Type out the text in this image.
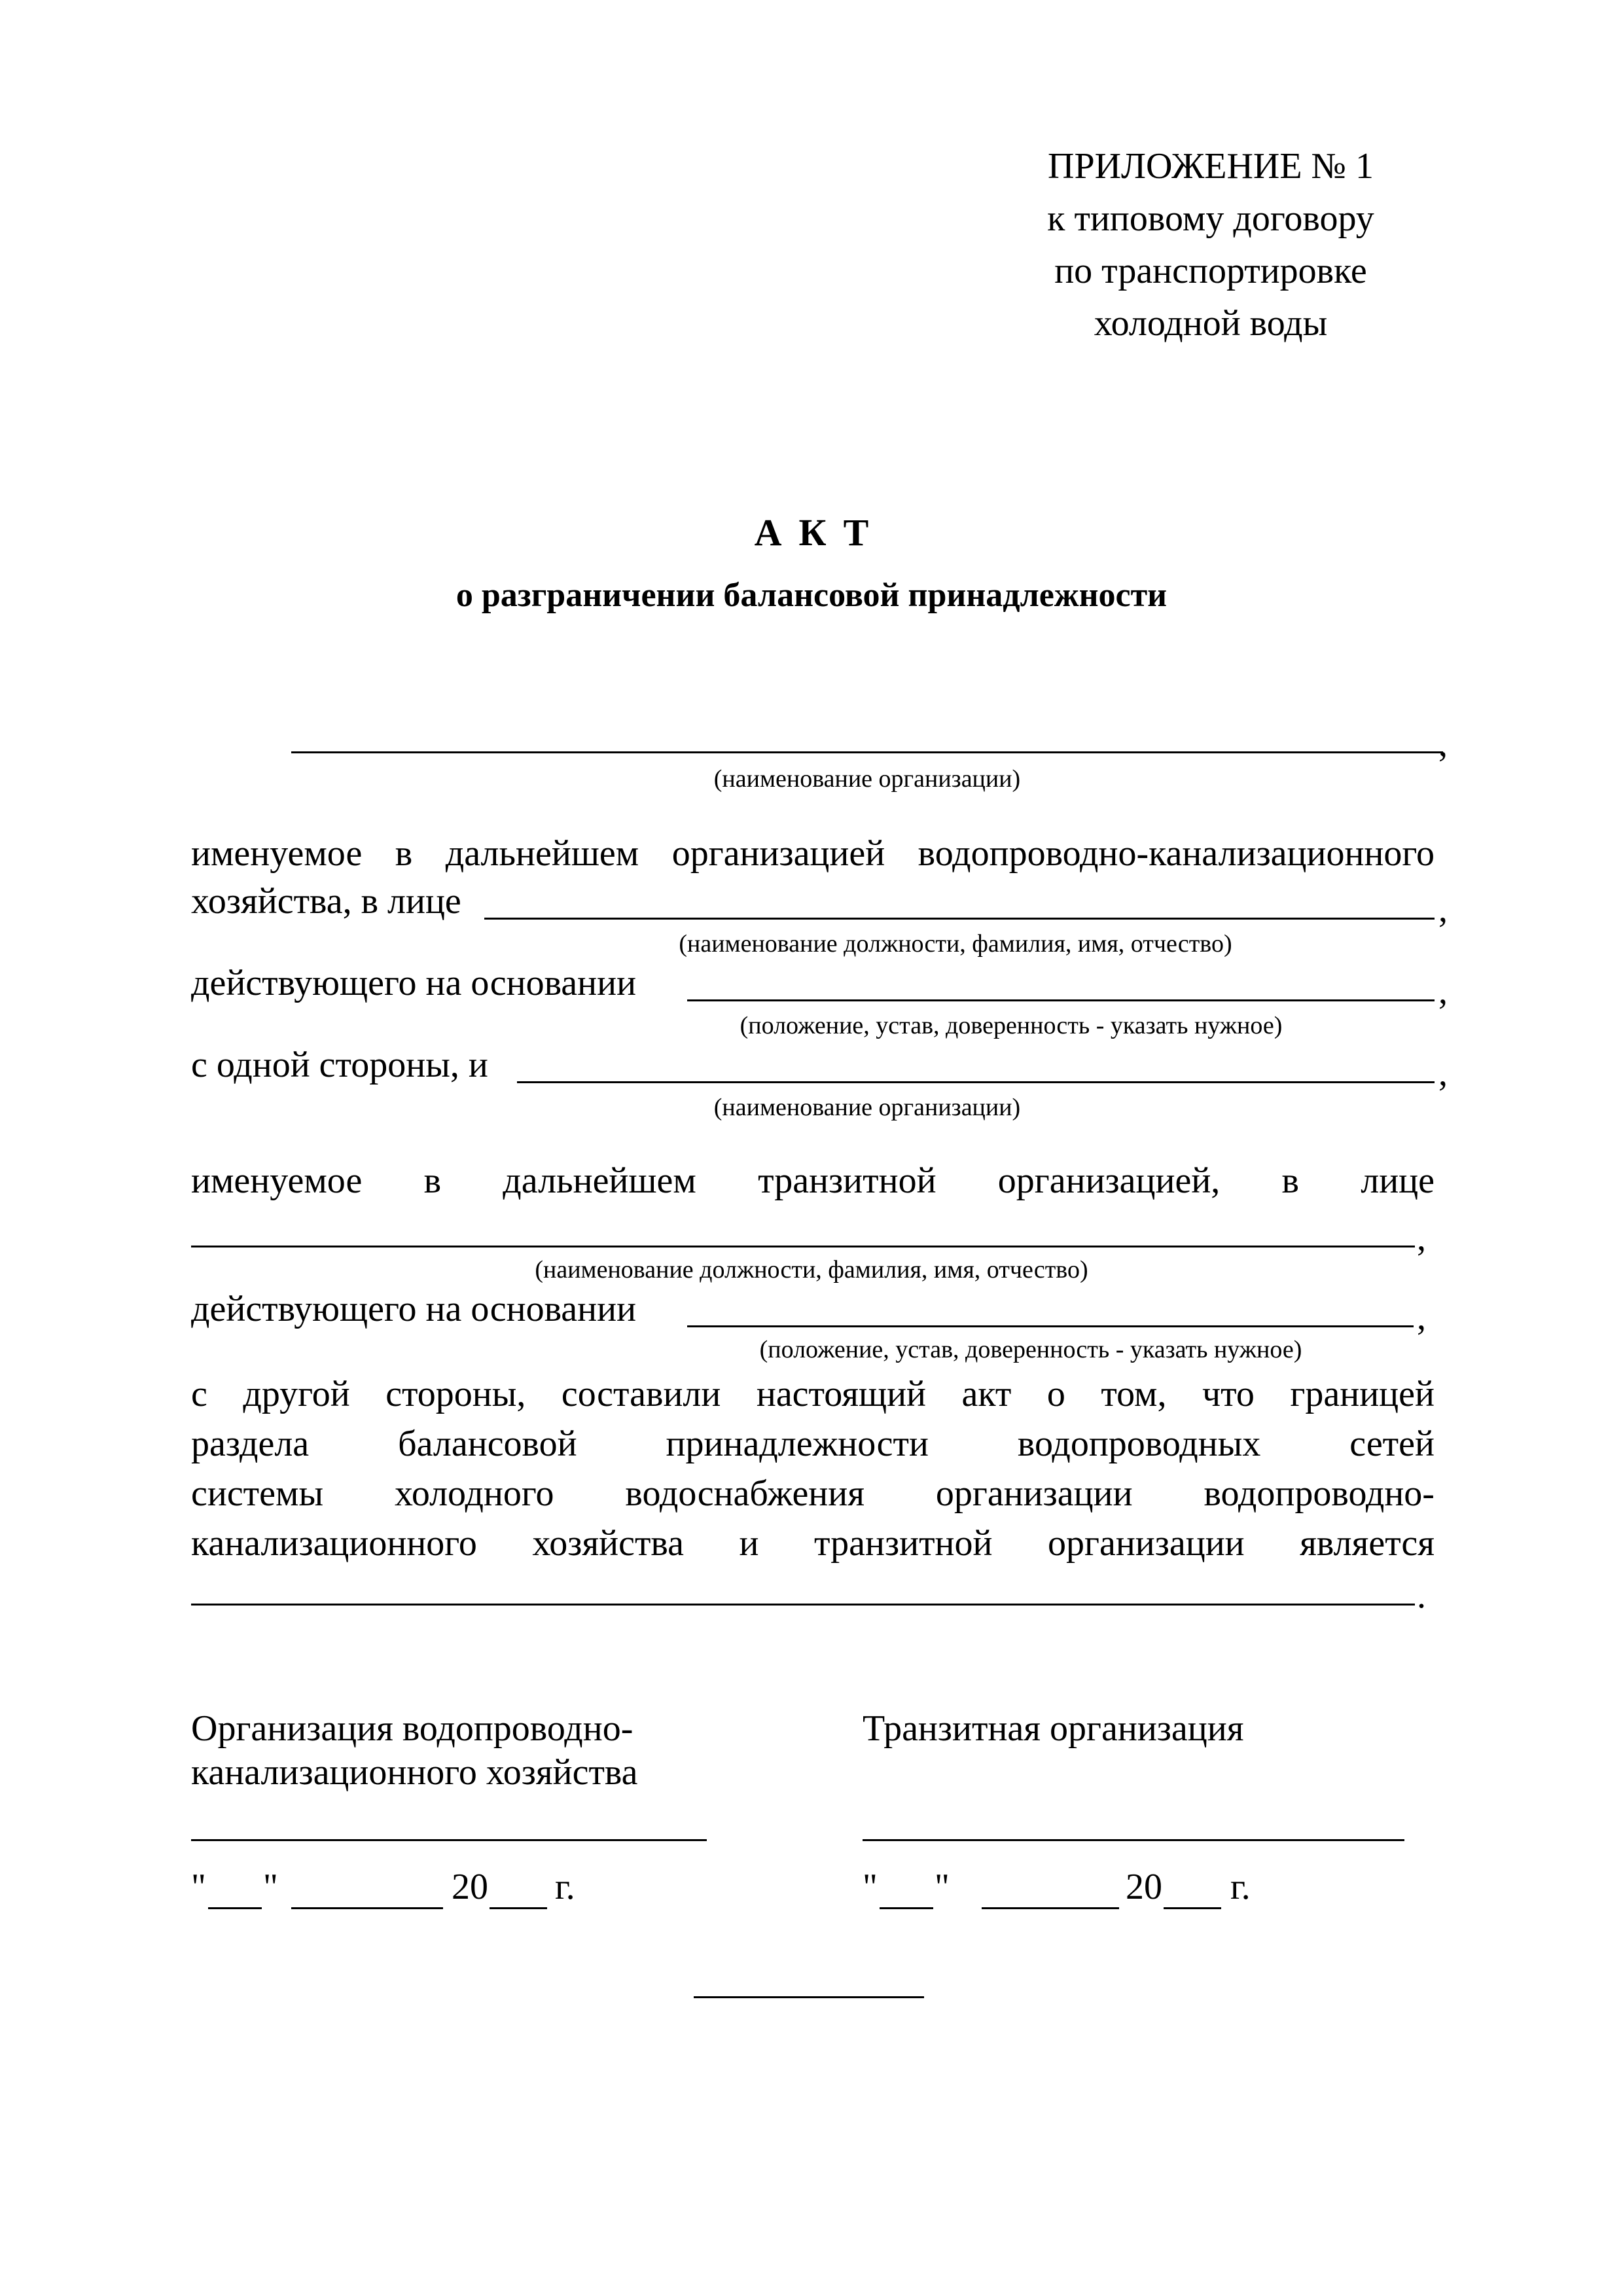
ПРИЛОЖЕНИЕ № 1
к типовому договору
по транспортировке
холодной воды
АКТ
о разграничении балансовой принадлежности
,
(наименование организации)
именуемое в дальнейшем организацией водопроводно-канализационного
хозяйства, в лице	,
(наименование должности, фамилия, имя, отчество)
действующего на основании	,
(положение, устав, доверенность - указать нужное)
с одной стороны, и	,
(наименование организации)
именуемое в дальнейшем транзитной организацией, в лице
,
(наименование должности, фамилия, имя, отчество)
действующего на основании	,
(положение, устав, доверенность - указать нужное)
с другой стороны, составили настоящий акт о том, что границей
раздела балансовой принадлежности водопроводных сетей
системы холодного водоснабжения организации водопроводно-
канализационного хозяйства и транзитной организации является
.
Организация водопроводно-
канализационного хозяйства
Транзитная организация
" "	20 г.	" "	20 г.
